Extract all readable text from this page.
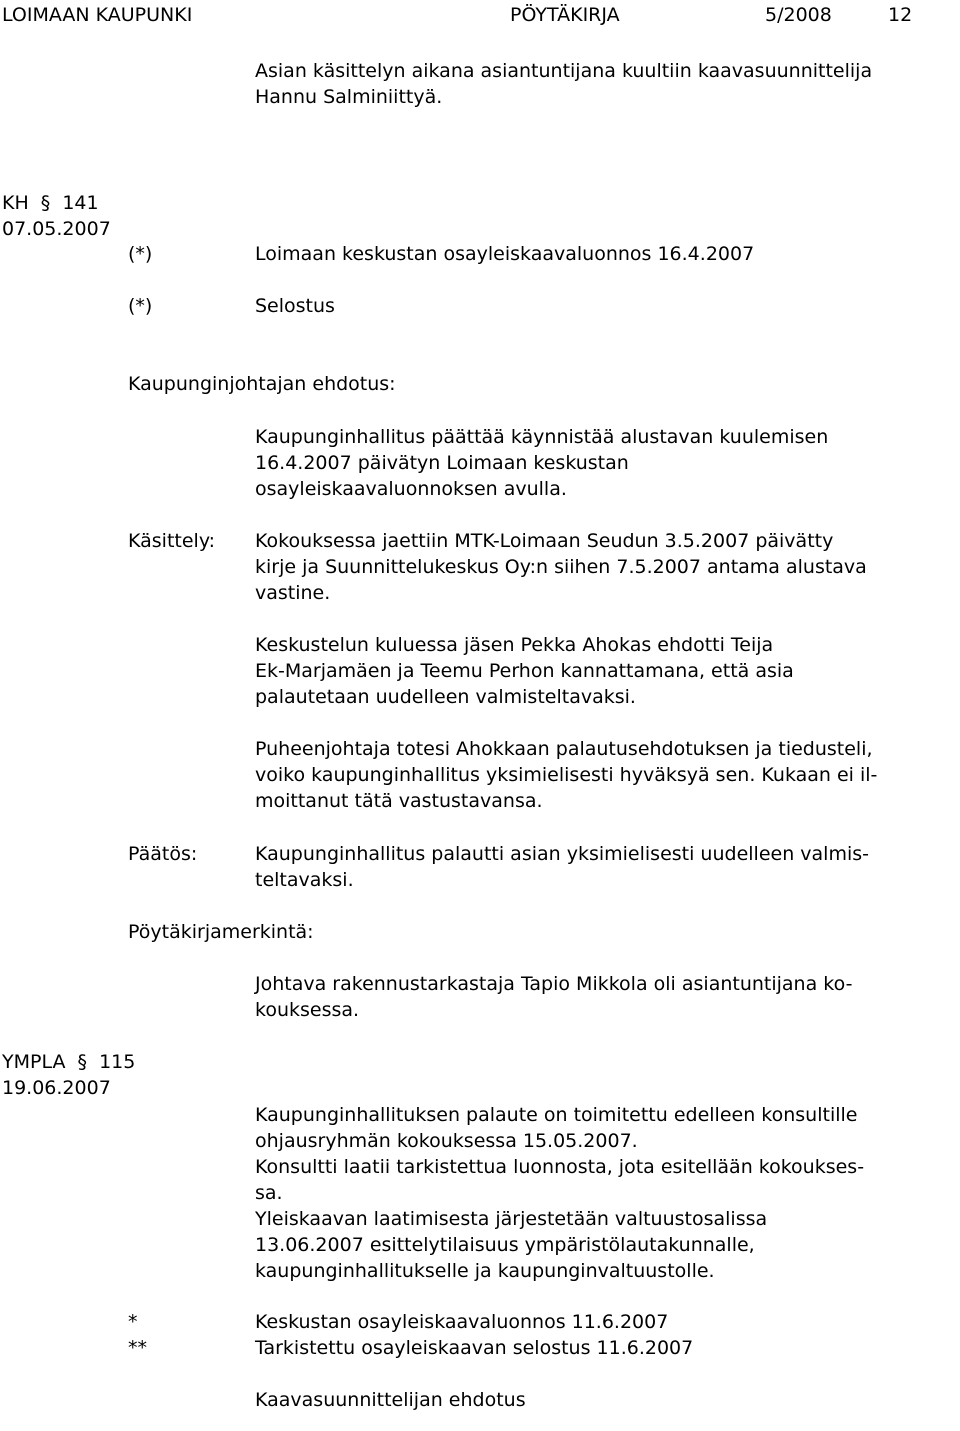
LOIMAAN KAUPUNKI	PÖYTÄKIRJA	5/2008	12
Asian käsittelyn aikana asiantuntijana kuultiin kaavasuunnittelija
Hannu Salminiittyä.
KH § 141
07.05.2007
(*)	Loimaan keskustan osayleiskaavaluonnos 16.4.2007
(*)	Selostus
Kaupunginjohtajan ehdotus:
Kaupunginhallitus päättää käynnistää alustavan kuulemisen
16.4.2007 päivätyn Loimaan keskustan
osayleiskaavaluonnoksen avulla.
Käsittely: Kokouksessa jaettiin MTK-Loimaan Seudun 3.5.2007 päivätty
kirje ja Suunnittelukeskus Oy:n siihen 7.5.2007 antama alustava
vastine.
Keskustelun kuluessa jäsen Pekka Ahokas ehdotti Teija
Ek-Marjamäen ja Teemu Perhon kannattamana, että asia
palautetaan uudelleen valmisteltavaksi.
Puheenjohtaja totesi Ahokkaan palautusehdotuksen ja tiedusteli,
voiko kaupunginhallitus yksimielisesti hyväksyä sen. Kukaan ei il-
moittanut tätä vastustavansa.
Päätös:	Kaupunginhallitus palautti asian yksimielisesti uudelleen valmis-
teltavaksi.
Pöytäkirjamerkintä:
Johtava rakennustarkastaja Tapio Mikkola oli asiantuntijana ko-
kouksessa.
YMPLA § 115
19.06.2007
Kaupunginhallituksen palaute on toimitettu edelleen konsultille
ohjausryhmän kokouksessa 15.05.2007.
Konsultti laatii tarkistettua luonnosta, jota esitellään kokoukses-
sa.
Yleiskaavan laatimisesta järjestetään valtuustosalissa
13.06.2007 esittelytilaisuus ympäristölautakunnalle,
kaupunginhallitukselle ja kaupunginvaltuustolle.
*	Keskustan osayleiskaavaluonnos 11.6.2007
**	Tarkistettu osayleiskaavan selostus 11.6.2007
Kaavasuunnittelijan ehdotus
